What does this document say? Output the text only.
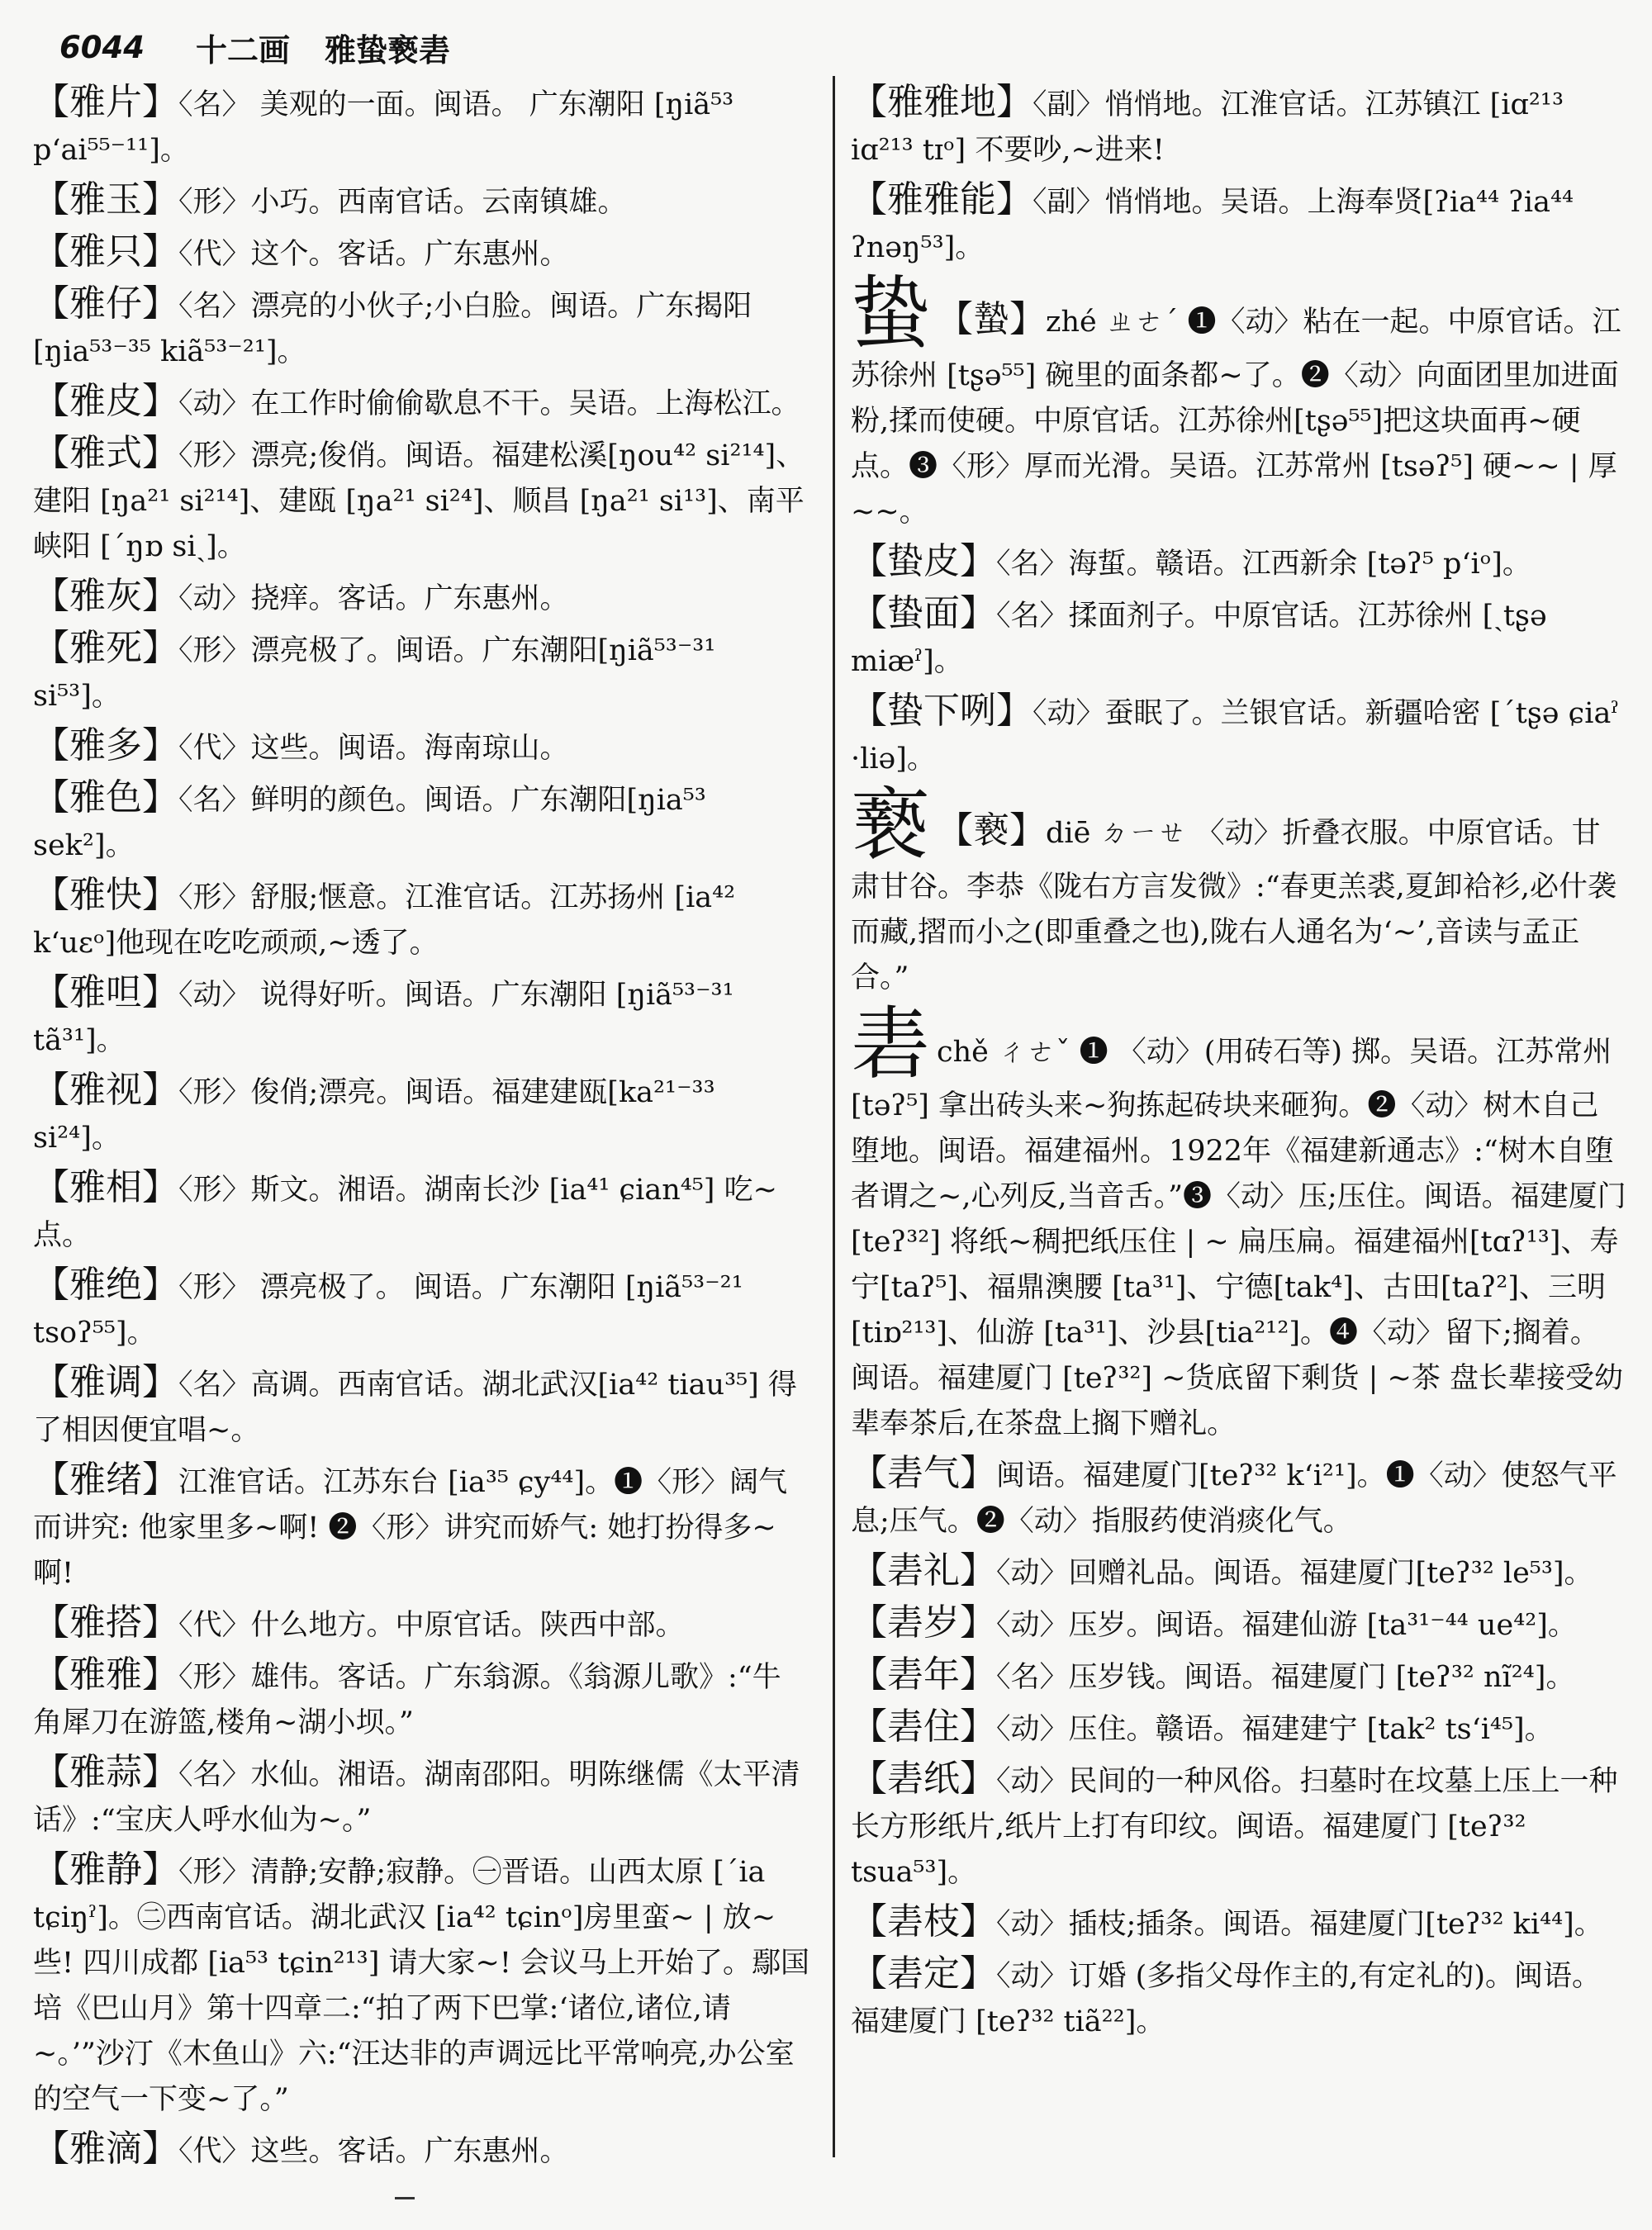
6044 十二画 雅蛰䙝砉
【雅片】〈名〉 美观的一面。闽语。 广东潮阳 [ŋiã⁵³ pʻai⁵⁵⁻¹¹]。
【雅玉】〈形〉小巧。西南官话。云南镇雄。
【雅只】〈代〉这个。客话。广东惠州。
【雅仔】〈名〉漂亮的小伙子;小白脸。闽语。广东揭阳 [ŋia⁵³⁻³⁵ kiã⁵³⁻²¹]。
【雅皮】〈动〉在工作时偷偷歇息不干。吴语。上海松江。
【雅式】〈形〉漂亮;俊俏。闽语。福建松溪[ŋou⁴² si²¹⁴]、建阳 [ŋa²¹ si²¹⁴]、建瓯 [ŋa²¹ si²⁴]、顺昌 [ŋa²¹ si¹³]、南平峡阳 [ˊŋɒ siˏ]。
【雅灰】〈动〉挠痒。客话。广东惠州。
【雅死】〈形〉漂亮极了。闽语。广东潮阳[ŋiã⁵³⁻³¹ si⁵³]。
【雅多】〈代〉这些。闽语。海南琼山。
【雅色】〈名〉鲜明的颜色。闽语。广东潮阳[ŋia⁵³ sek²]。
【雅快】〈形〉舒服;惬意。江淮官话。江苏扬州 [ia⁴² kʻuɛᵒ]他现在吃吃顽顽,~透了。
【雅呾】〈动〉 说得好听。闽语。广东潮阳 [ŋiã⁵³⁻³¹ tã³¹]。
【雅视】〈形〉俊俏;漂亮。闽语。福建建瓯[ka²¹⁻³³ si²⁴]。
【雅相】〈形〉斯文。湘语。湖南长沙 [ia⁴¹ ɕian⁴⁵] 吃~点。
【雅绝】〈形〉 漂亮极了。 闽语。广东潮阳 [ŋiã⁵³⁻²¹ tsoʔ⁵⁵]。
【雅调】〈名〉高调。西南官话。湖北武汉[ia⁴² tiau³⁵] 得了相因便宜唱~。
【雅绪】江淮官话。江苏东台 [ia³⁵ ɕy⁴⁴]。❶〈形〉阔气而讲究: 他家里多~啊! ❷〈形〉讲究而娇气: 她打扮得多~啊!
【雅搭】〈代〉什么地方。中原官话。陕西中部。
【雅雅】〈形〉雄伟。客话。广东翁源。《翁源儿歌》:“牛角犀刀在游篮,楼角~湖小坝。”
【雅蒜】〈名〉水仙。湘语。湖南邵阳。明陈继儒《太平清话》:“宝庆人呼水仙为~。”
【雅静】〈形〉清静;安静;寂静。㊀晋语。山西太原 [ˊia tɕiŋˀ]。㊁西南官话。湖北武汉 [ia⁴² tɕinᵒ]房里蛮~ | 放~些! 四川成都 [ia⁵³ tɕin²¹³] 请大家~! 会议马上开始了。鄢国培《巴山月》第十四章二:“拍了两下巴掌:‘诸位,诸位,请~。’”沙汀《木鱼山》六:“汪达非的声调远比平常响亮,办公室的空气一下变~了。”
【雅滴】〈代〉这些。客话。广东惠州。
【雅雅地】〈副〉悄悄地。江淮官话。江苏镇江 [iɑ²¹³ iɑ²¹³ tɪᵒ] 不要吵,~进来!
【雅雅能】〈副〉悄悄地。吴语。上海奉贤[ʔia⁴⁴ ʔia⁴⁴ ʔnəŋ⁵³]。
蛰 【蟄】zhé ㄓㄜˊ ❶〈动〉粘在一起。中原官话。江苏徐州 [tʂə⁵⁵] 碗里的面条都~了。❷〈动〉向面团里加进面粉,揉而使硬。中原官话。江苏徐州[tʂə⁵⁵]把这块面再~硬点。❸〈形〉厚而光滑。吴语。江苏常州 [tsəʔ⁵] 硬~~ | 厚~~。
【蛰皮】〈名〉海蜇。赣语。江西新余 [təʔ⁵ pʻiᵒ]。
【蛰面】〈名〉揉面剂子。中原官话。江苏徐州 [ˏtʂə miæˀ]。
【蛰下咧】〈动〉蚕眠了。兰银官话。新疆哈密 [ˊtʂə ɕiaˀ ·liə]。
䙝 【䙝】diē ㄉㄧㄝ 〈动〉折叠衣服。中原官话。甘肃甘谷。李恭《陇右方言发微》:“春更羔裘,夏卸袷衫,必什袭而藏,摺而小之(即重叠之也),陇右人通名为‘~’,音读与孟正合。”
砉chě ㄔㄜˇ ❶ 〈动〉(用砖石等) 掷。吴语。江苏常州 [təʔ⁵] 拿出砖头来~狗拣起砖块来砸狗。❷〈动〉树木自己堕地。闽语。福建福州。1922年《福建新通志》:“树木自堕者谓之~,心列反,当音舌。”❸〈动〉压;压住。闽语。福建厦门[teʔ³²] 将纸~稠把纸压住 | ~ 扁压扁。福建福州[tɑʔ¹³]、寿宁[taʔ⁵]、福鼎澳腰 [ta³¹]、宁德[tak⁴]、古田[taʔ²]、三明 [tiɒ²¹³]、仙游 [ta³¹]、沙县[tia²¹²]。❹〈动〉留下;搁着。闽语。福建厦门 [teʔ³²] ~货底留下剩货 | ~茶 盘长辈接受幼辈奉茶后,在茶盘上搁下赠礼。
【砉气】闽语。福建厦门[teʔ³² kʻi²¹]。❶〈动〉使怒气平息;压气。❷〈动〉指服药使消痰化气。
【砉礼】〈动〉回赠礼品。闽语。福建厦门[teʔ³² le⁵³]。
【砉岁】〈动〉压岁。闽语。福建仙游 [ta³¹⁻⁴⁴ ue⁴²]。
【砉年】〈名〉压岁钱。闽语。福建厦门 [teʔ³² nĩ²⁴]。
【砉住】〈动〉压住。赣语。福建建宁 [tak² tsʻi⁴⁵]。
【砉纸】〈动〉民间的一种风俗。扫墓时在坟墓上压上一种长方形纸片,纸片上打有印纹。闽语。福建厦门 [teʔ³² tsua⁵³]。
【砉枝】〈动〉插枝;插条。闽语。福建厦门[teʔ³² ki⁴⁴]。
【砉定】〈动〉订婚 (多指父母作主的,有定礼的)。闽语。福建厦门 [teʔ³² tiã²²]。
